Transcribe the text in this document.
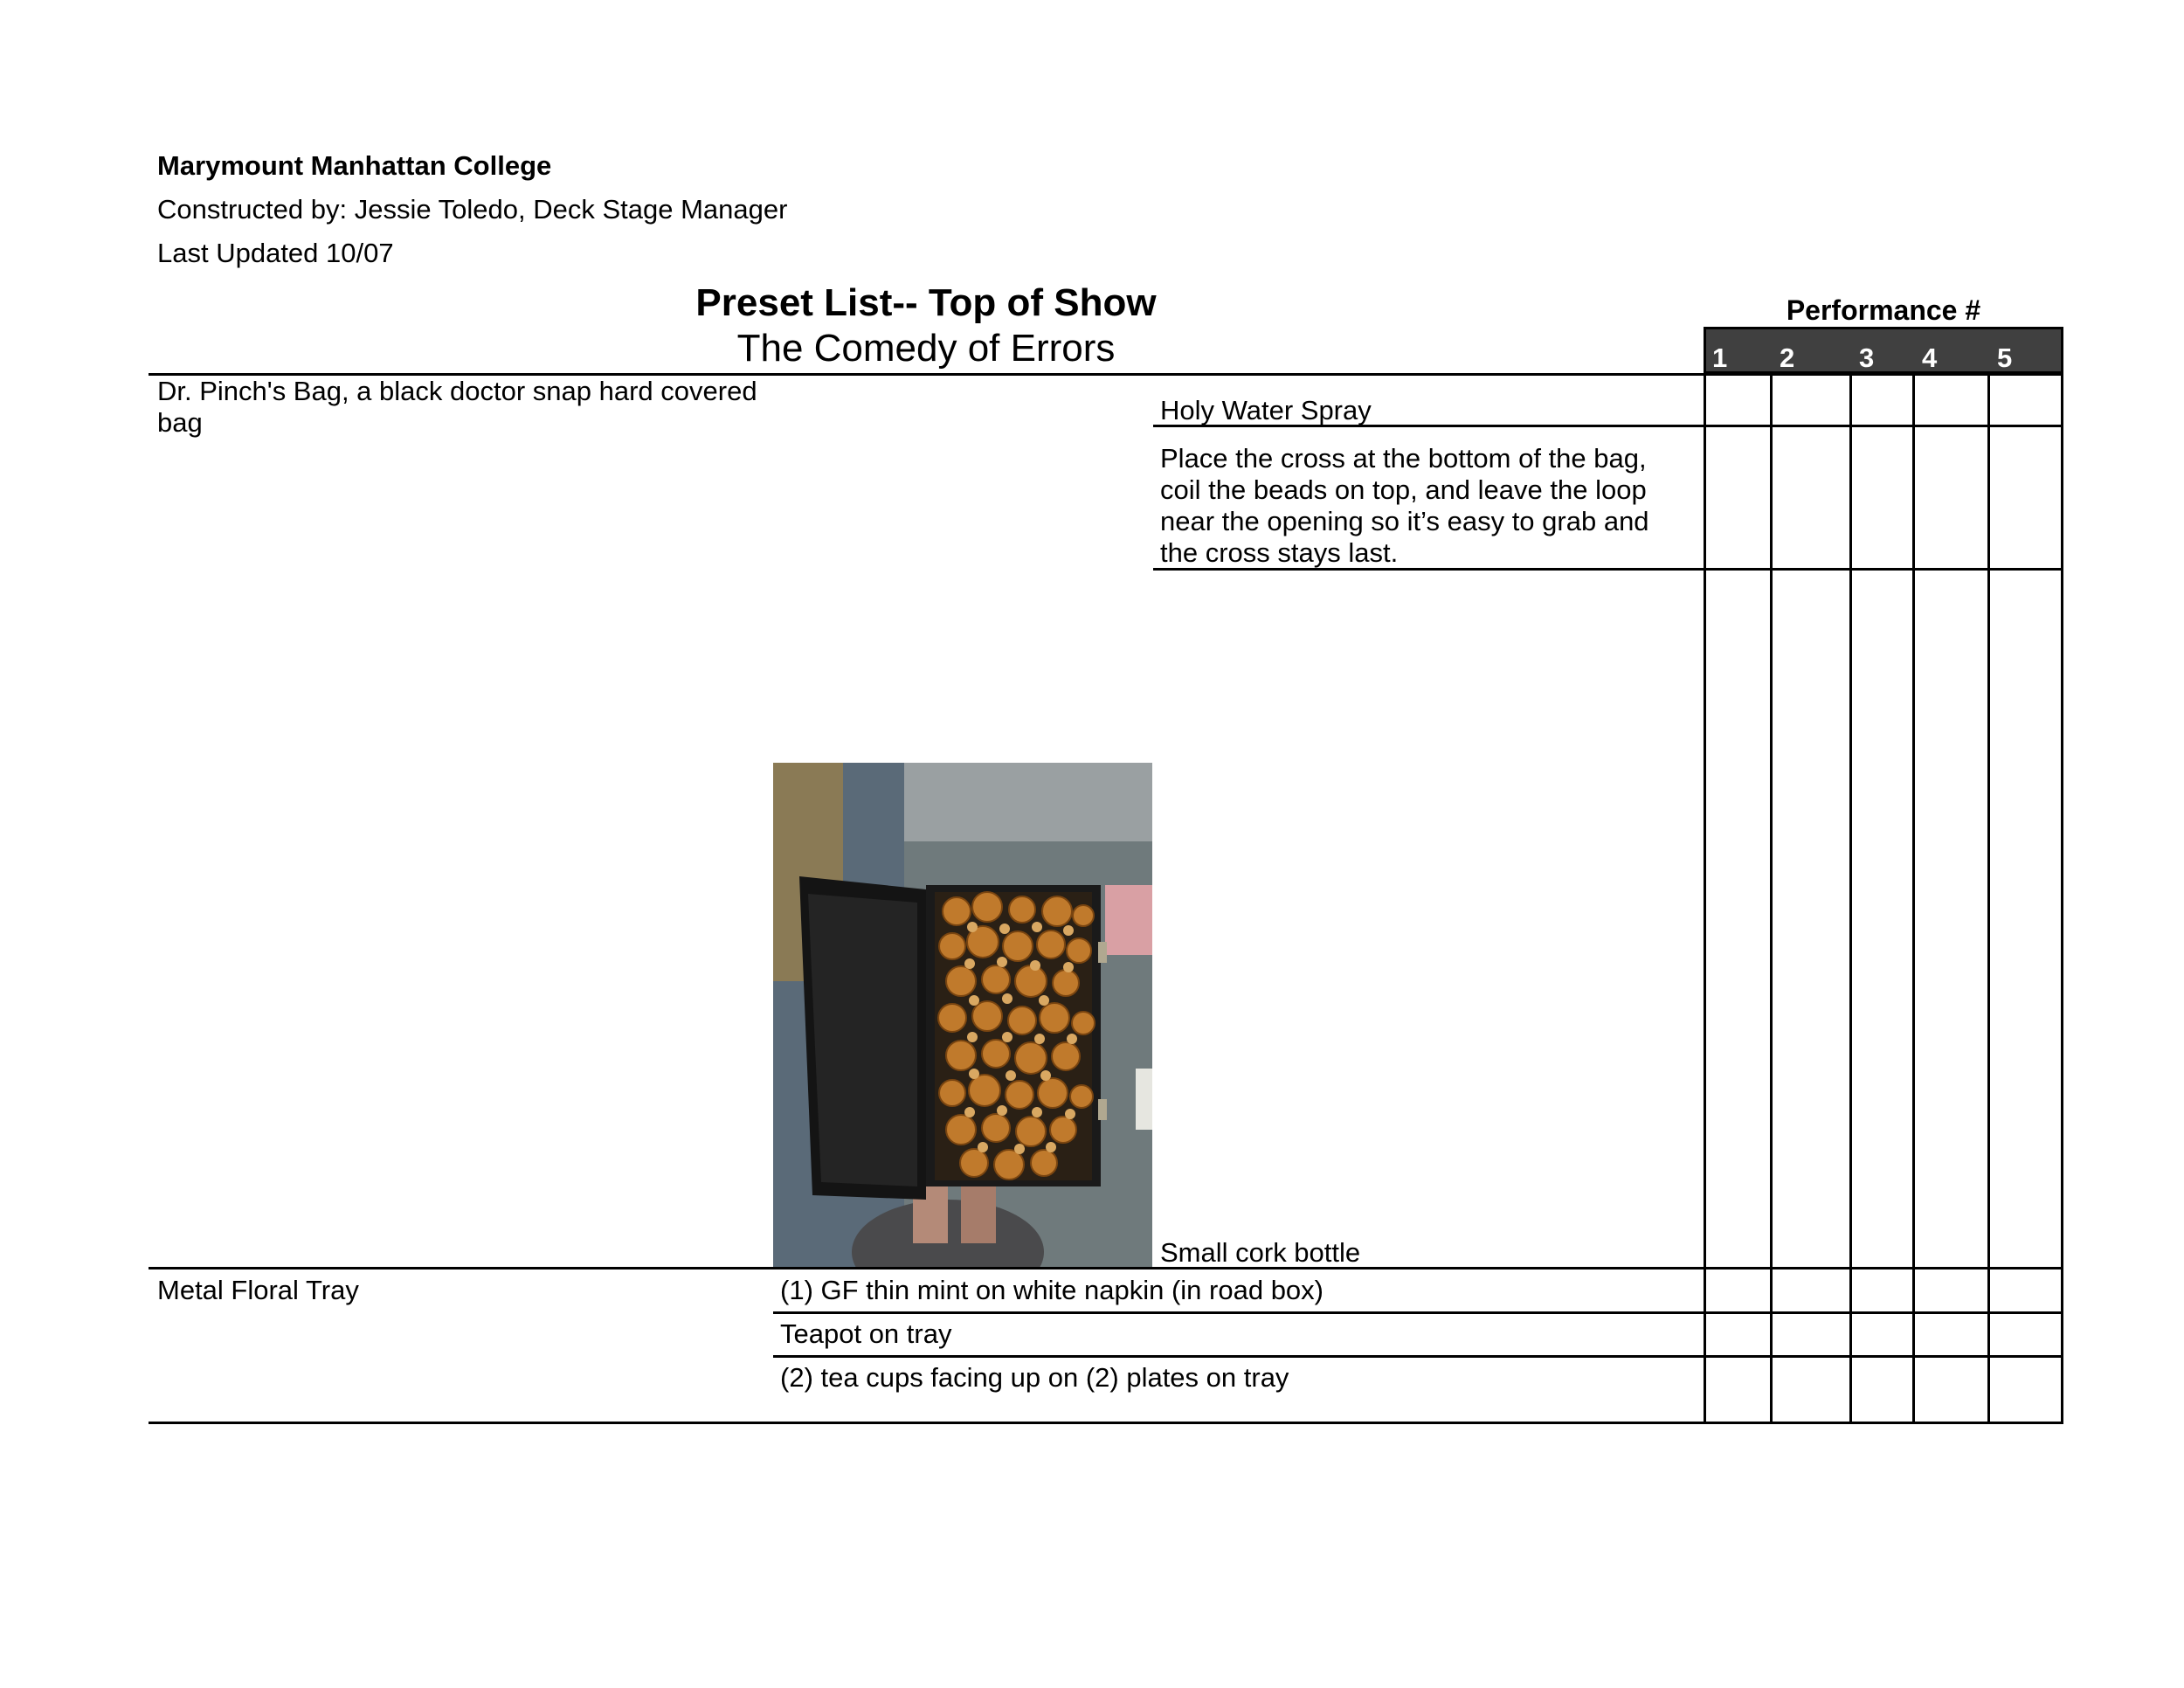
Marymount Manhattan College
Constructed by: Jessie Toledo, Deck Stage Manager
Last Updated 10/07
Preset List-- Top of Show
The Comedy of Errors
Performance #
1 2 3 4 5
Dr. Pinch's Bag, a black doctor snap hard covered bag	Holy Water Spray
Place the cross at the bottom of the bag, coil the beads on top, and leave the loop near the opening so it’s easy to grab and the cross stays last.
Small cork bottle
Metal Floral Tray	(1) GF thin mint on white napkin (in road box)
Teapot on tray
(2) tea cups facing up on (2) plates on tray
